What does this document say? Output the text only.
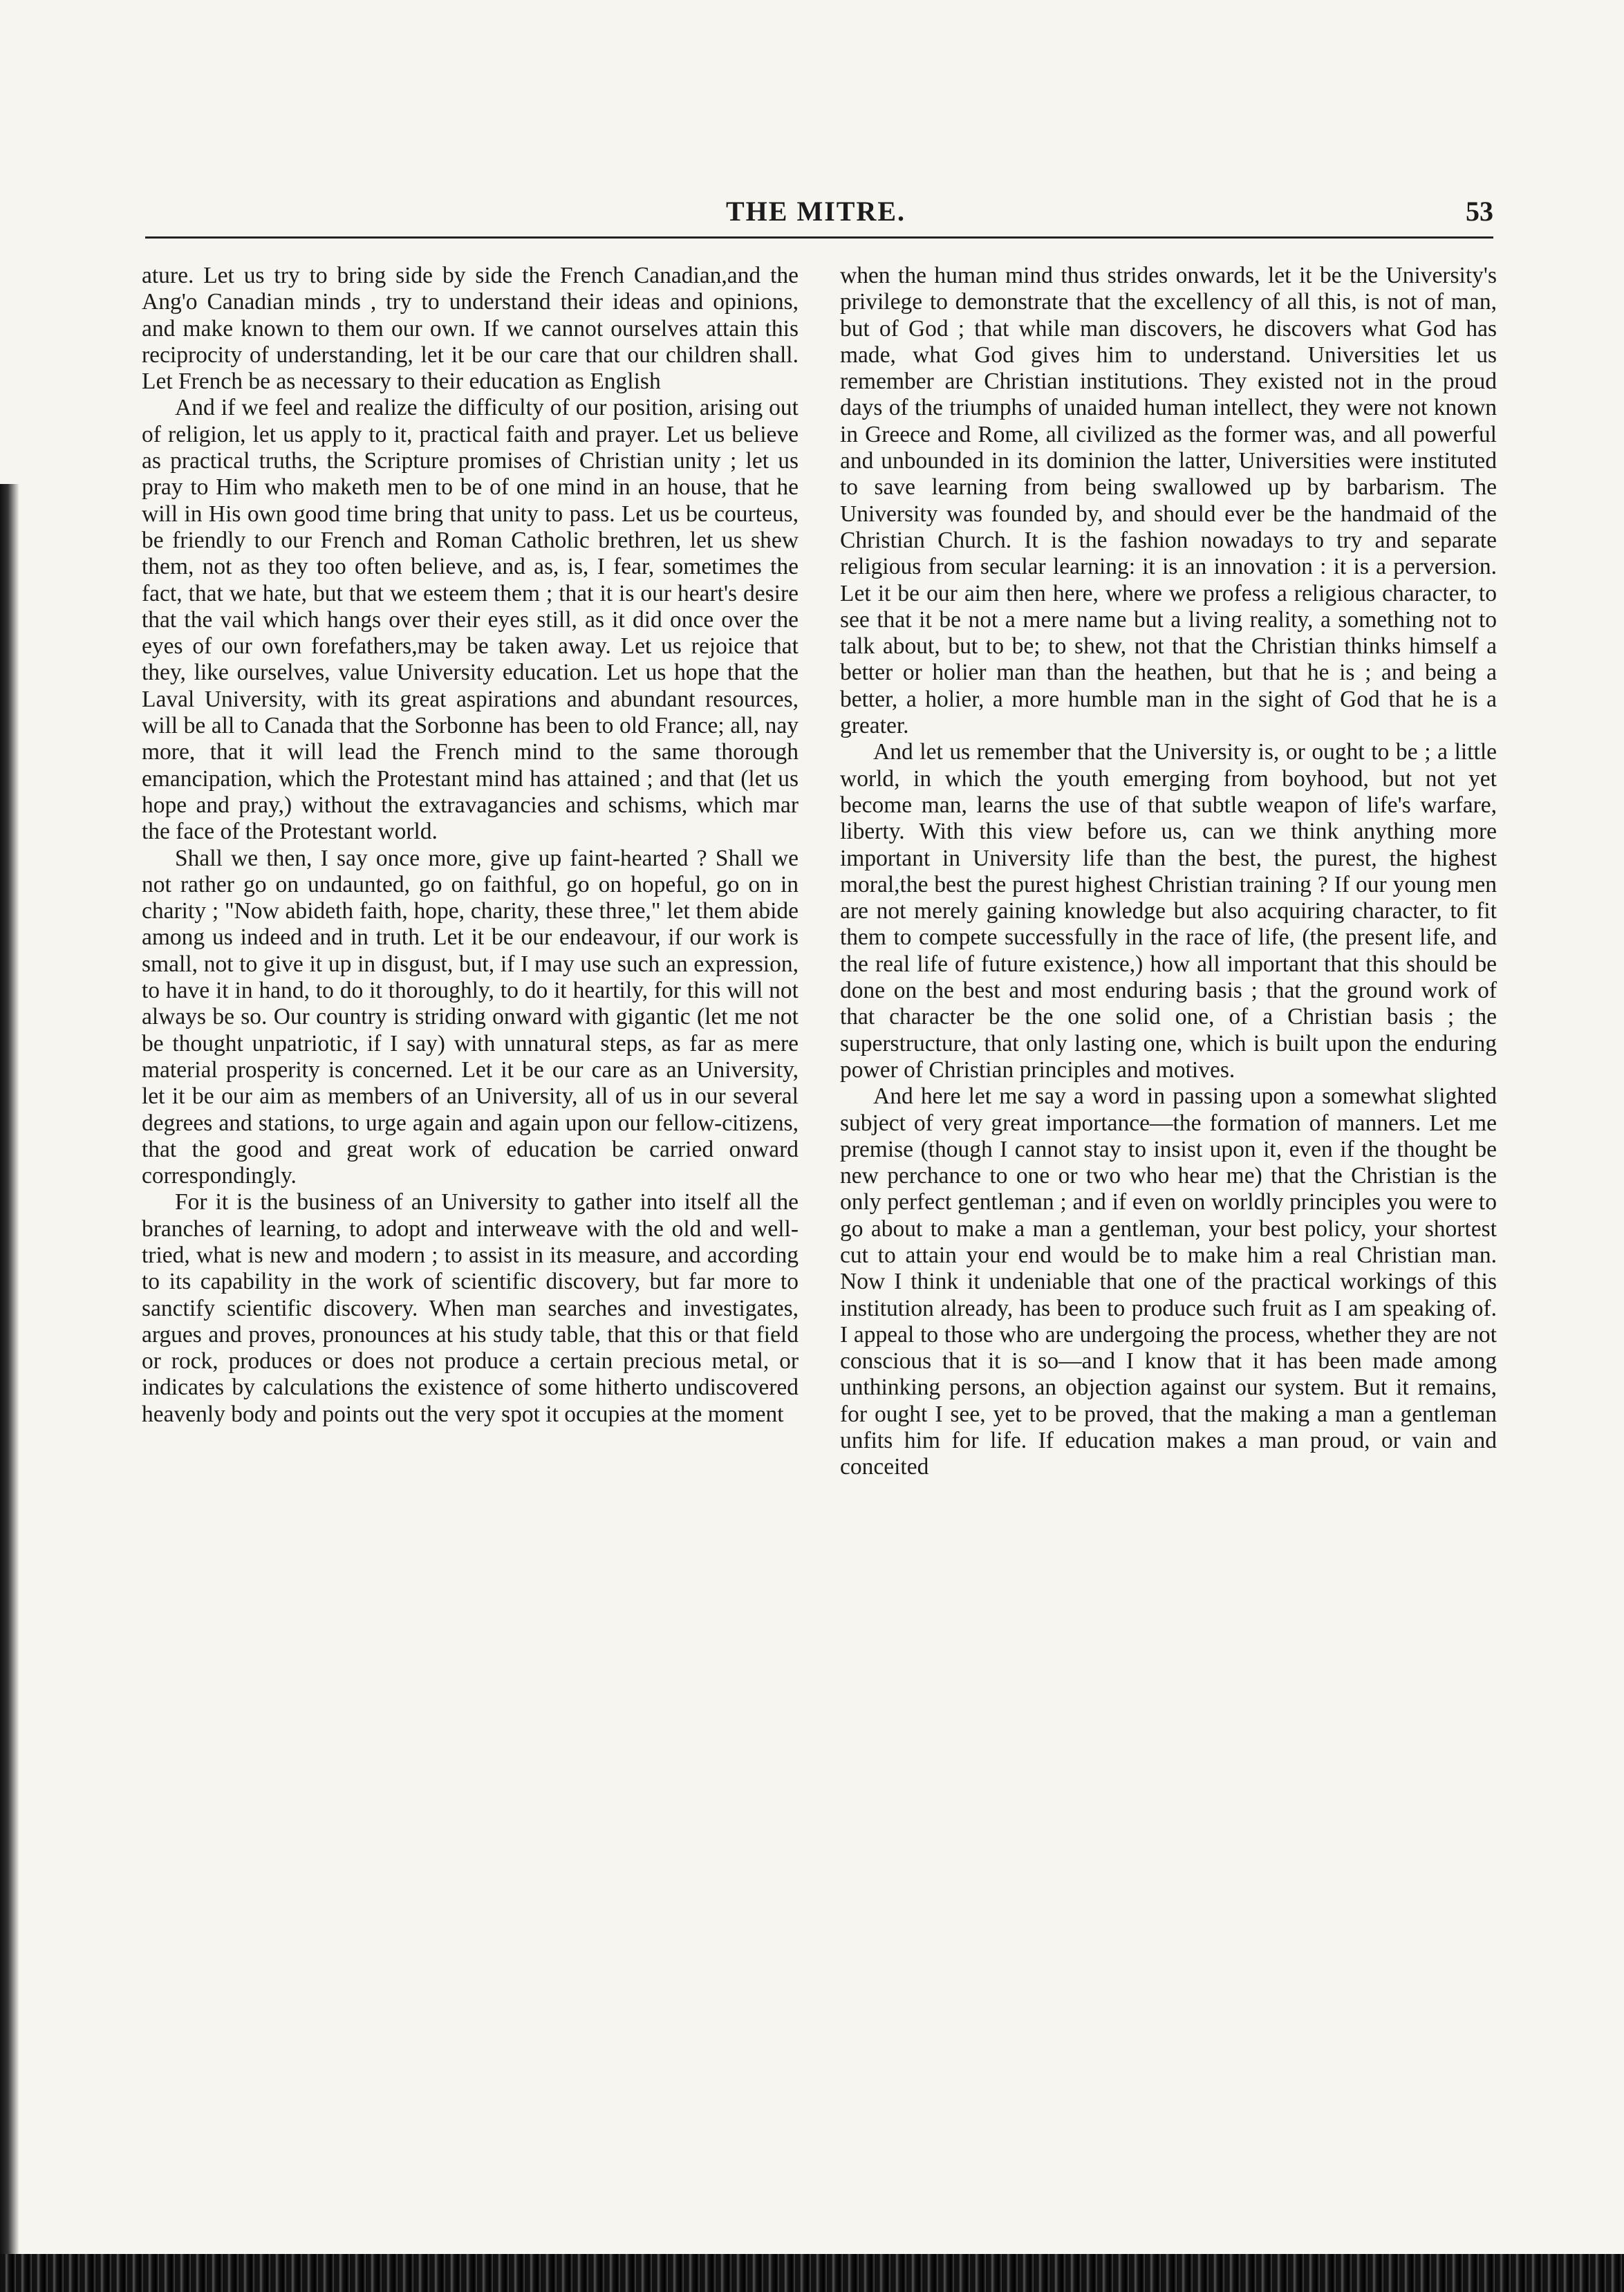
THE MITRE.	53

ature. Let us try to bring side by side the French Canadian,and the Ang'o Canadian minds , try to understand their ideas and opinions, and make known to them our own. If we cannot ourselves attain this reciprocity of understanding, let it be our care that our children shall. Let French be as necessary to their education as English

And if we feel and realize the difficulty of our position, arising out of religion, let us apply to it, practical faith and prayer. Let us believe as practical truths, the Scripture promises of Christian unity ; let us pray to Him who maketh men to be of one mind in an house, that he will in His own good time bring that unity to pass. Let us be courteus, be friendly to our French and Roman Catholic brethren, let us shew them, not as they too often believe, and as, is, I fear, sometimes the fact, that we hate, but that we esteem them ; that it is our heart's desire that the vail which hangs over their eyes still, as it did once over the eyes of our own forefathers,may be taken away. Let us rejoice that they, like ourselves, value University education. Let us hope that the Laval University, with its great aspirations and abundant resources, will be all to Canada that the Sorbonne has been to old France; all, nay more, that it will lead the French mind to the same thorough emancipation, which the Protestant mind has attained ; and that (let us hope and pray,) without the extravagancies and schisms, which mar the face of the Protestant world.

Shall we then, I say once more, give up faint-hearted ? Shall we not rather go on undaunted, go on faithful, go on hopeful, go on in charity ; "Now abideth faith, hope, charity, these three," let them abide among us indeed and in truth. Let it be our endeavour, if our work is small, not to give it up in disgust, but, if I may use such an expression, to have it in hand, to do it thoroughly, to do it heartily, for this will not always be so. Our country is striding onward with gigantic (let me not be thought unpatriotic, if I say) with unnatural steps, as far as mere material prosperity is concerned. Let it be our care as an University, let it be our aim as members of an University, all of us in our several degrees and stations, to urge again and again upon our fellow-citizens, that the good and great work of education be carried onward correspondingly.

For it is the business of an University to gather into itself all the branches of learning, to adopt and interweave with the old and well-tried, what is new and modern ; to assist in its measure, and according to its capability in the work of scientific discovery, but far more to sanctify scientific discovery. When man searches and investigates, argues and proves, pronounces at his study table, that this or that field or rock, produces or does not produce a certain precious metal, or indicates by calculations the existence of some hitherto undiscovered heavenly body and points out the very spot it occupies at the moment

when the human mind thus strides onwards, let it be the University's privilege to demonstrate that the excellency of all this, is not of man, but of God ; that while man discovers, he discovers what God has made, what God gives him to understand. Universities let us remember are Christian institutions. They existed not in the proud days of the triumphs of unaided human intellect, they were not known in Greece and Rome, all civilized as the former was, and all powerful and unbounded in its dominion the latter, Universities were instituted to save learning from being swallowed up by barbarism. The University was founded by, and should ever be the handmaid of the Christian Church. It is the fashion nowadays to try and separate religious from secular learning: it is an innovation : it is a perversion. Let it be our aim then here, where we profess a religious character, to see that it be not a mere name but a living reality, a something not to talk about, but to be; to shew, not that the Christian thinks himself a better or holier man than the heathen, but that he is ; and being a better, a holier, a more humble man in the sight of God that he is a greater.

And let us remember that the University is, or ought to be ; a little world, in which the youth emerging from boyhood, but not yet become man, learns the use of that subtle weapon of life's warfare, liberty. With this view before us, can we think anything more important in University life than the best, the purest, the highest moral,the best the purest highest Christian training ? If our young men are not merely gaining knowledge but also acquiring character, to fit them to compete successfully in the race of life, (the present life, and the real life of future existence,) how all important that this should be done on the best and most enduring basis ; that the ground work of that character be the one solid one, of a Christian basis ; the superstructure, that only lasting one, which is built upon the enduring power of Christian principles and motives.

And here let me say a word in passing upon a somewhat slighted subject of very great importance—the formation of manners. Let me premise (though I cannot stay to insist upon it, even if the thought be new perchance to one or two who hear me) that the Christian is the only perfect gentleman ; and if even on worldly principles you were to go about to make a man a gentleman, your best policy, your shortest cut to attain your end would be to make him a real Christian man. Now I think it undeniable that one of the practical workings of this institution already, has been to produce such fruit as I am speaking of. I appeal to those who are undergoing the process, whether they are not conscious that it is so—and I know that it has been made among unthinking persons, an objection against our system. But it remains, for ought I see, yet to be proved, that the making a man a gentleman unfits him for life. If education makes a man proud, or vain and conceited
